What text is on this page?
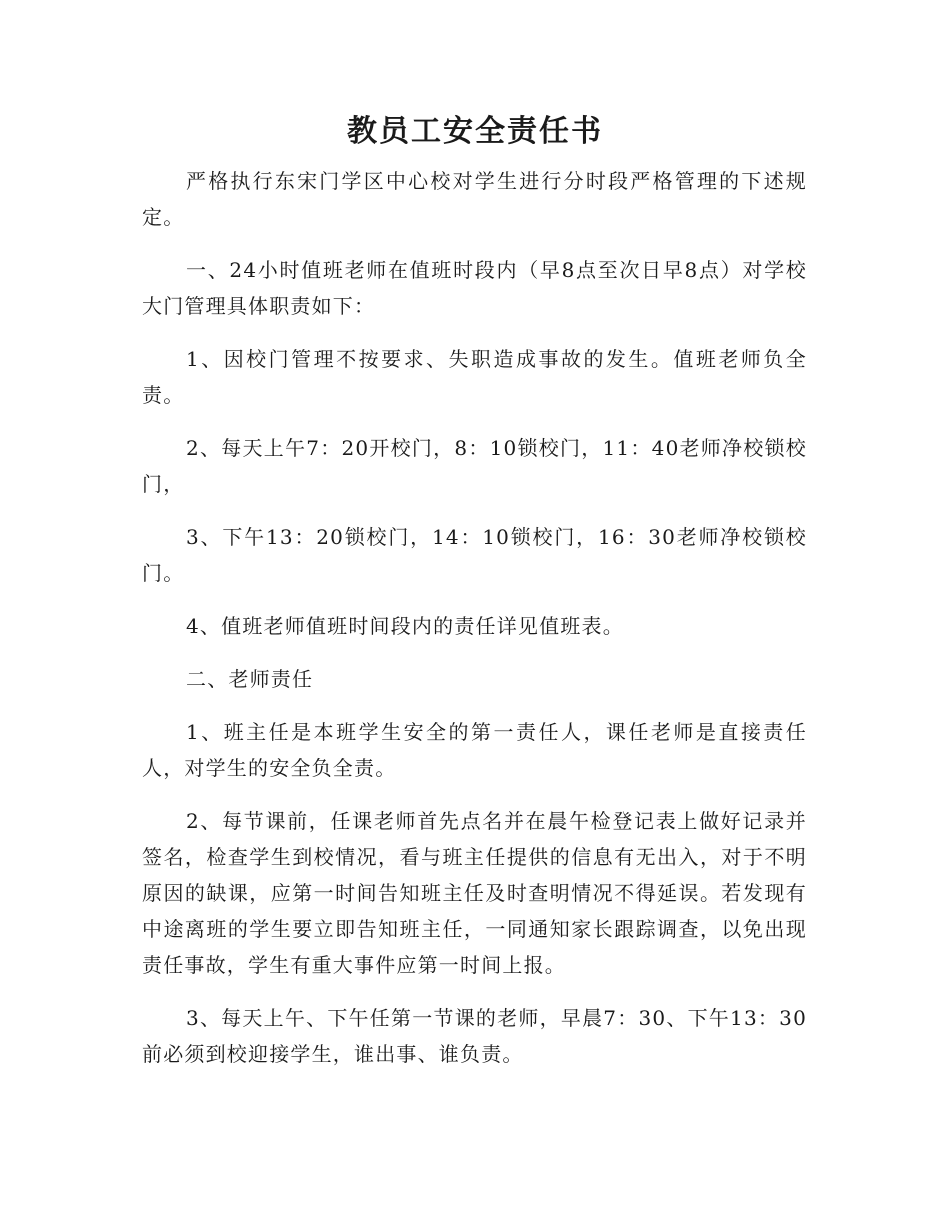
教员工安全责任书

严格执行东宋门学区中心校对学生进行分时段严格管理的下述规定。

一、24小时值班老师在值班时段内（早8点至次日早8点）对学校大门管理具体职责如下：

1、因校门管理不按要求、失职造成事故的发生。值班老师负全责。

2、每天上午7：20开校门，8：10锁校门，11：40老师净校锁校门，

3、下午13：20锁校门，14：10锁校门，16：30老师净校锁校门。

4、值班老师值班时间段内的责任详见值班表。

二、老师责任

1、班主任是本班学生安全的第一责任人，课任老师是直接责任人，对学生的安全负全责。

2、每节课前，任课老师首先点名并在晨午检登记表上做好记录并签名，检查学生到校情况，看与班主任提供的信息有无出入，对于不明原因的缺课，应第一时间告知班主任及时查明情况不得延误。若发现有中途离班的学生要立即告知班主任，一同通知家长跟踪调查，以免出现责任事故，学生有重大事件应第一时间上报。

3、每天上午、下午任第一节课的老师，早晨7：30、下午13：30前必须到校迎接学生，谁出事、谁负责。
